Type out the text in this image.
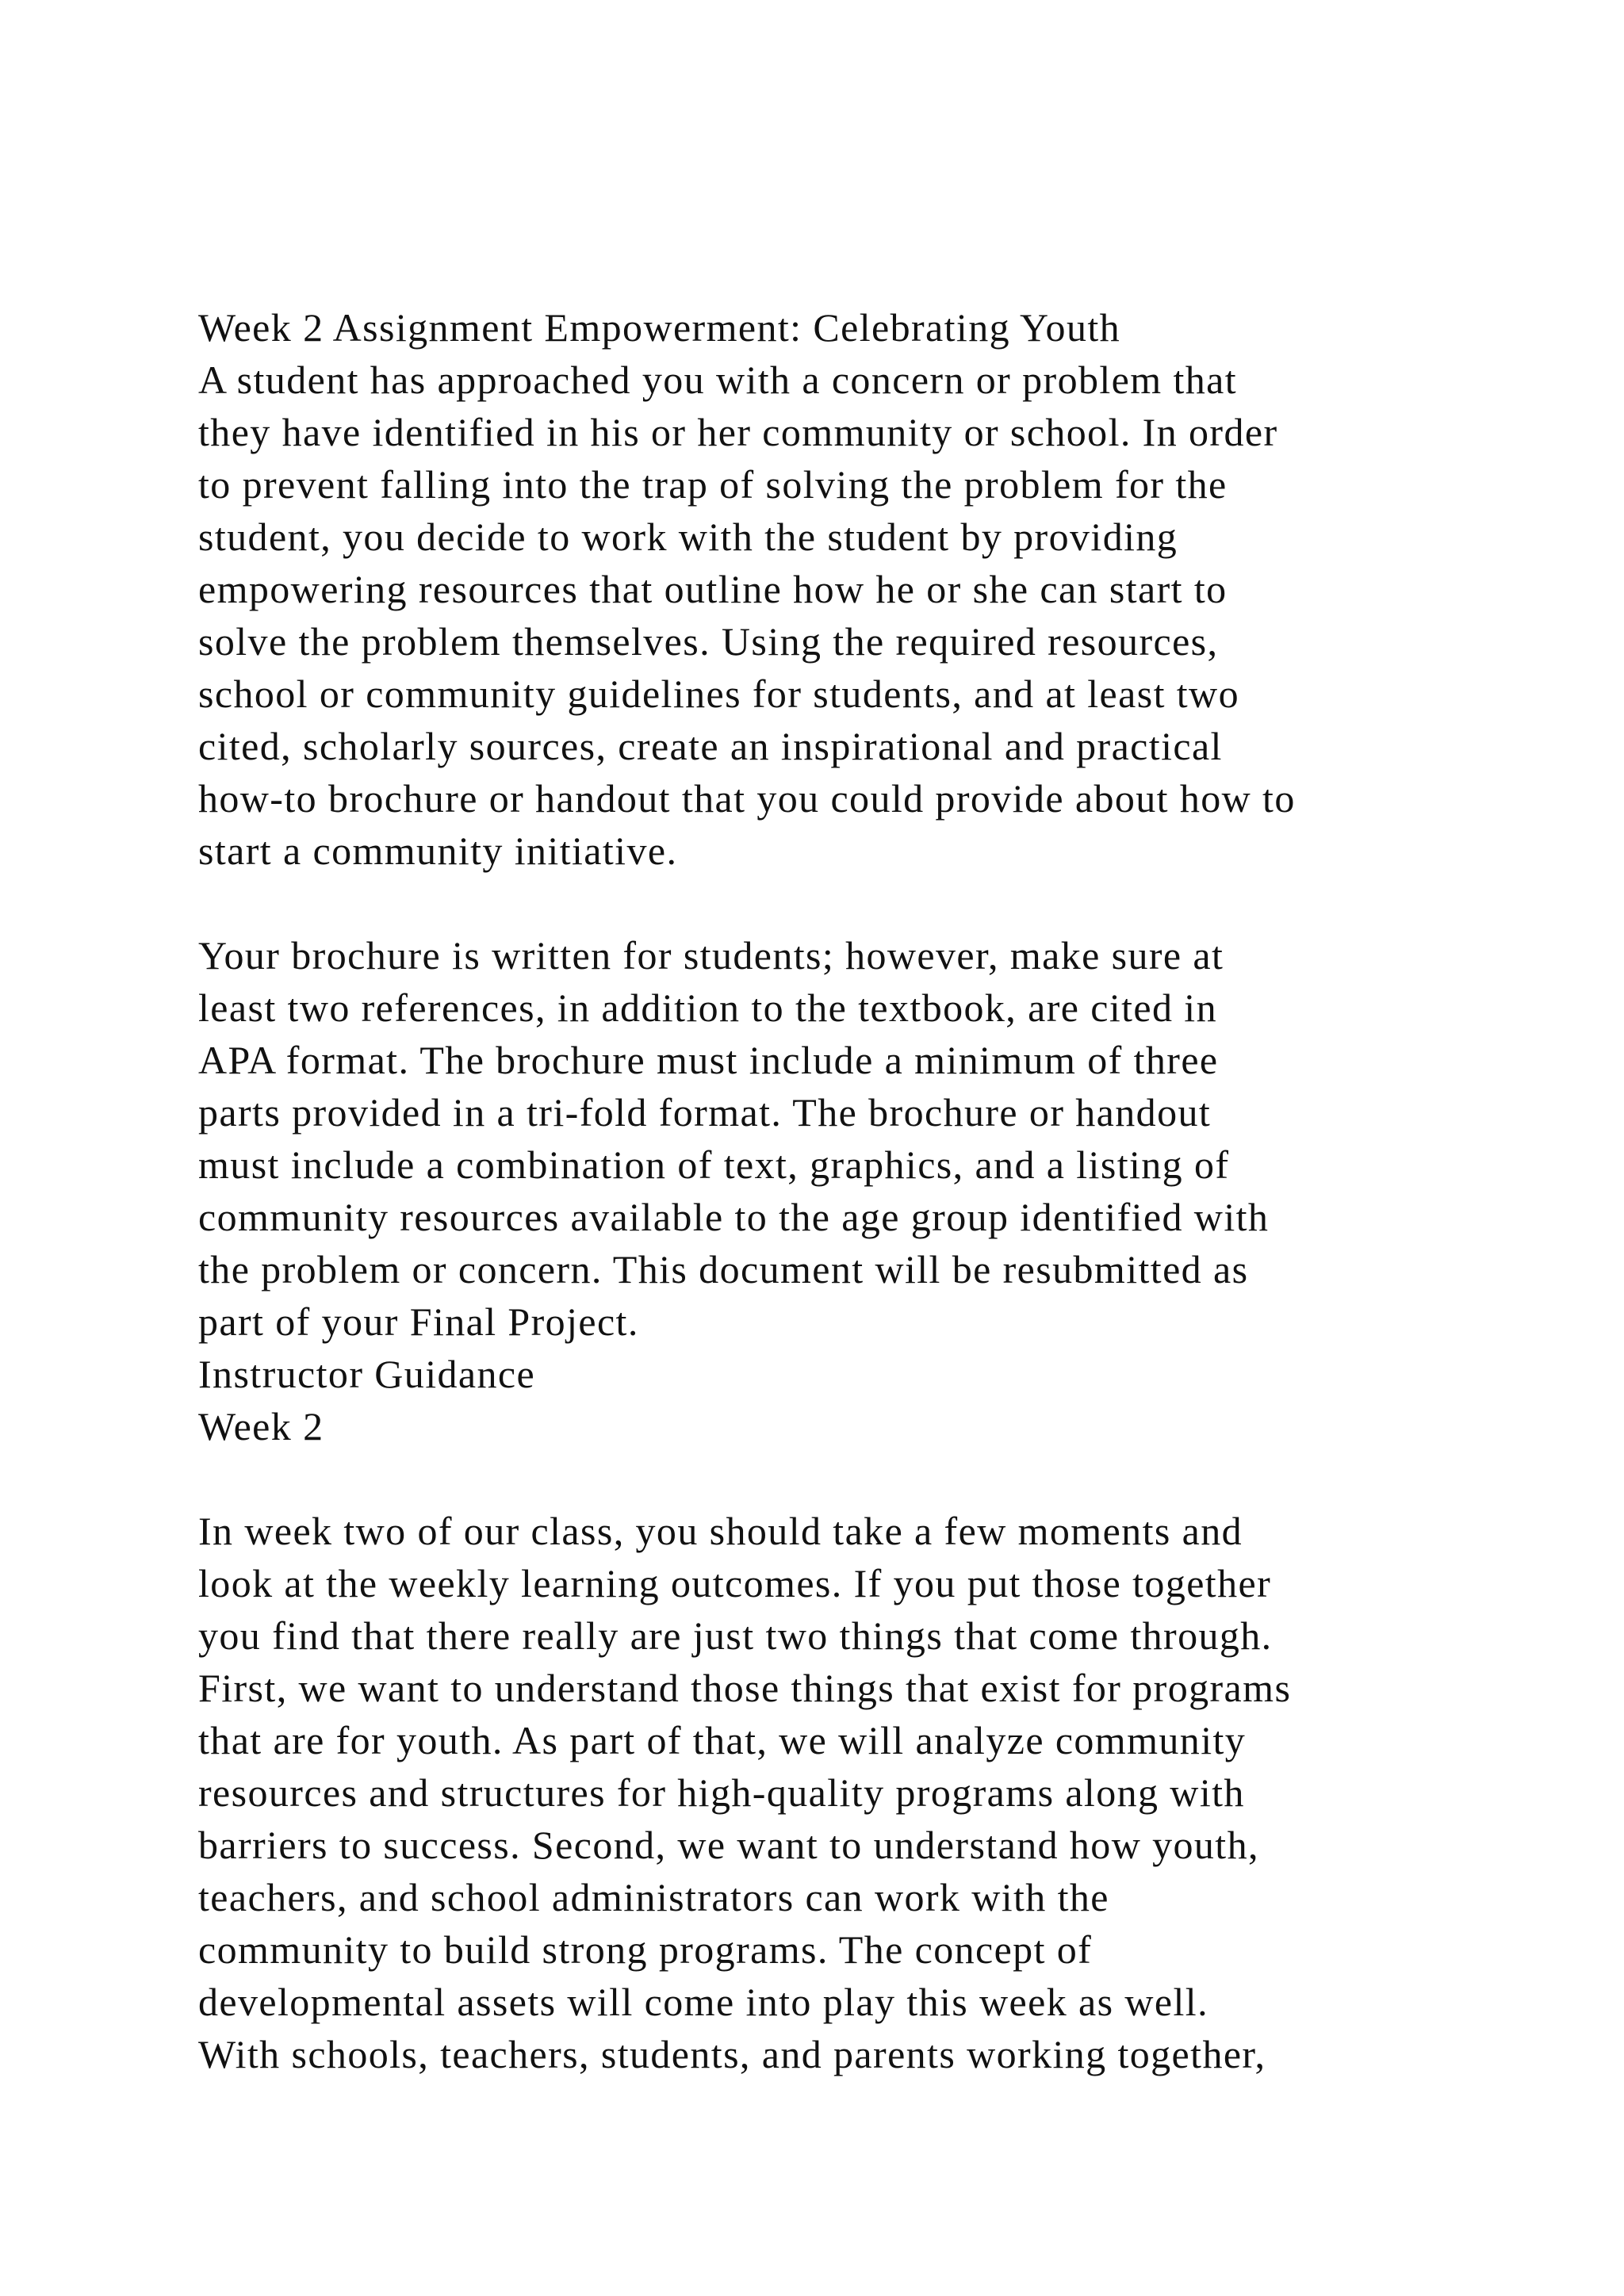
Week 2 Assignment Empowerment: Celebrating Youth
A student has approached you with a concern or problem that
they have identified in his or her community or school. In order
to prevent falling into the trap of solving the problem for the
student, you decide to work with the student by providing
empowering resources that outline how he or she can start to
solve the problem themselves. Using the required resources,
school or community guidelines for students, and at least two
cited, scholarly sources, create an inspirational and practical
how-to brochure or handout that you could provide about how to
start a community initiative.
Your brochure is written for students; however, make sure at
least two references, in addition to the textbook, are cited in
APA format. The brochure must include a minimum of three
parts provided in a tri-fold format. The brochure or handout
must include a combination of text, graphics, and a listing of
community resources available to the age group identified with
the problem or concern. This document will be resubmitted as
part of your Final Project.
Instructor Guidance
Week 2
In week two of our class, you should take a few moments and
look at the weekly learning outcomes. If you put those together
you find that there really are just two things that come through.
First, we want to understand those things that exist for programs
that are for youth. As part of that, we will analyze community
resources and structures for high-quality programs along with
barriers to success. Second, we want to understand how youth,
teachers, and school administrators can work with the
community to build strong programs. The concept of
developmental assets will come into play this week as well.
With schools, teachers, students, and parents working together,
